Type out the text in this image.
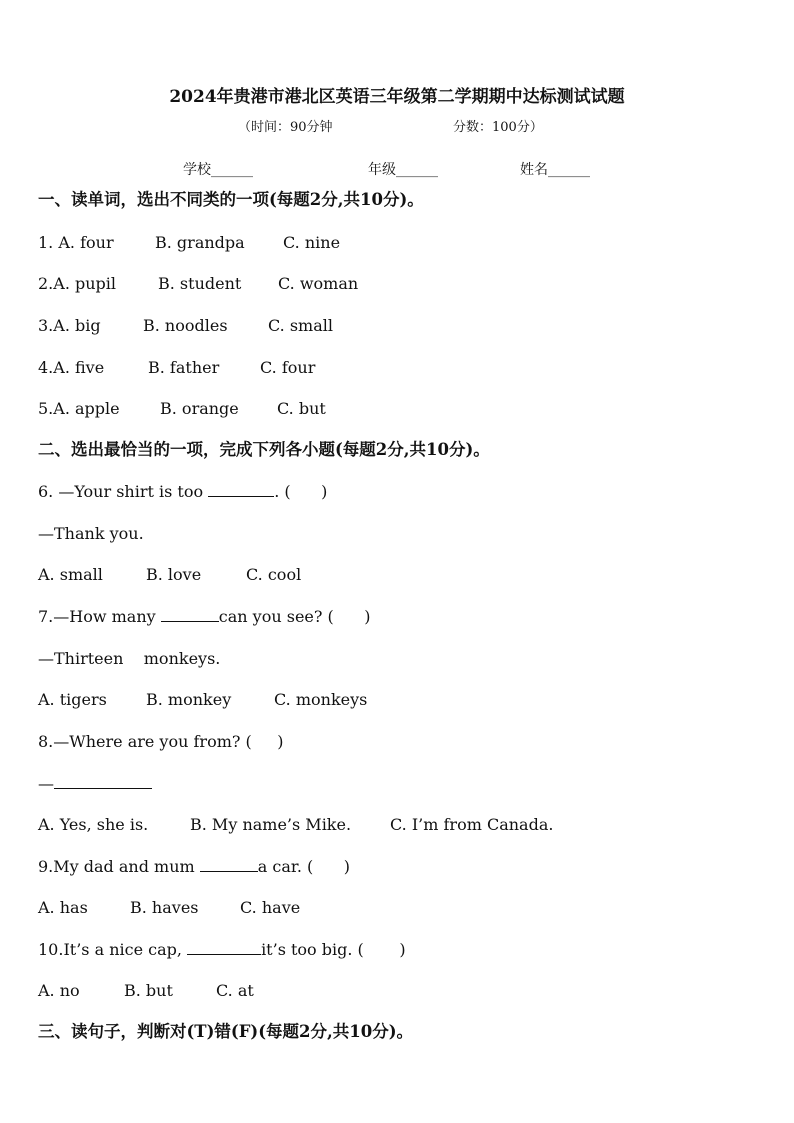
2024年贵港市港北区英语三年级第二学期期中达标测试试题
（时间：90分钟	分数：100分）
学校______	年级______	姓名______
一、读单词，选出不同类的一项(每题2分,共10分)。
1. A. four	B. grandpa C. nine
2.A. pupil	B. student C. woman
3.A. big	B. noodles	C. small
4.A. five	B. father	C. four
5.A. apple	B. orange C. but
二、选出最恰当的一项，完成下列各小题(每题2分,共10分)。
6. —Your shirt is too	. (      )
—Thank you.
A. small	B. love	C. cool
7.—How many	can you see? (      )
—Thirteen    monkeys.
A. tigers B. monkey	C. monkeys
8.—Where are you from? (     )
—
A. Yes, she is.	B. My name’s Mike. C. I’m from Canada.
9.My dad and mum	a car. (      )
A. has	B. haves	C. have
10.It’s a nice cap,	it’s too big. (       )
A. no	B. but	C. at
三、读句子，判断对(T)错(F)(每题2分,共10分)。
